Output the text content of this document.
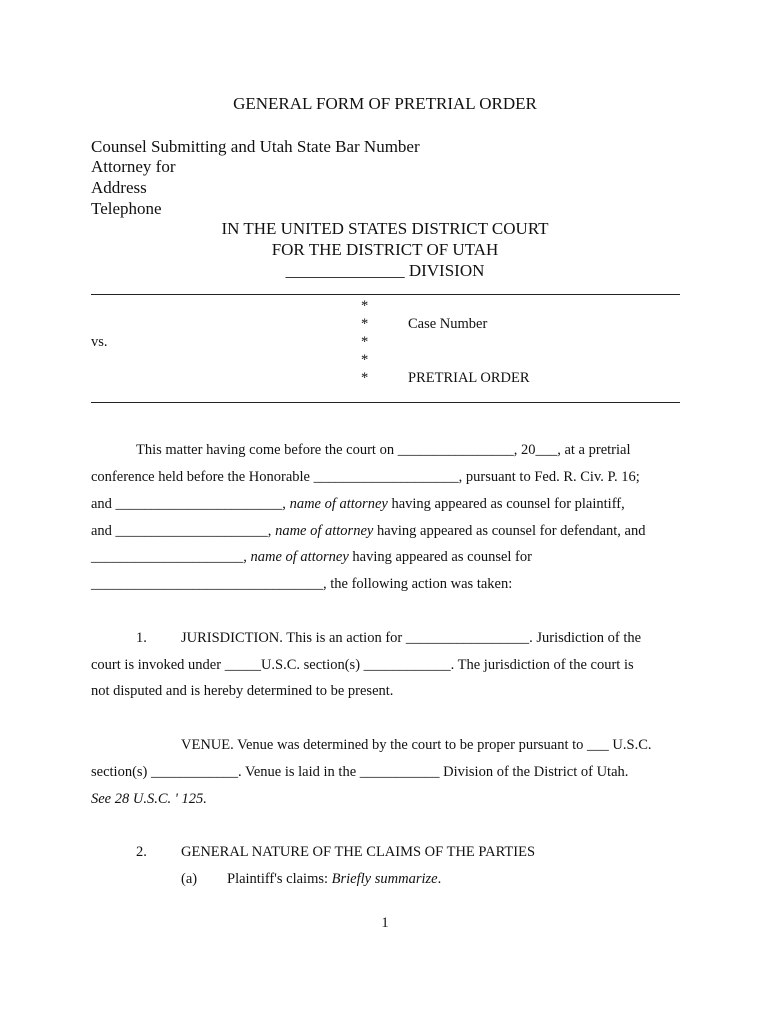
GENERAL FORM OF PRETRIAL ORDER
Counsel Submitting and Utah State Bar Number
Attorney for
Address
Telephone
IN THE UNITED STATES DISTRICT COURT
FOR THE DISTRICT OF UTAH
______________ DIVISION
*
*
*
*
*
Case Number
vs.
PRETRIAL ORDER
This matter having come before the court on ________________, 20___, at a pretrial
conference held before the Honorable ____________________, pursuant to Fed. R. Civ. P. 16;
and _______________________, name of attorney having appeared as counsel for plaintiff,
and _____________________, name of attorney having appeared as counsel for defendant, and
_____________________, name of attorney having appeared as counsel for
________________________________, the following action was taken:
1. JURISDICTION. This is an action for _________________. Jurisdiction of the
court is invoked under _____U.S.C. section(s) ____________. The jurisdiction of the court is
not disputed and is hereby determined to be present.
VENUE. Venue was determined by the court to be proper pursuant to ___ U.S.C.
section(s) ____________. Venue is laid in the ___________ Division of the District of Utah.
See 28 U.S.C. ' 125.
2. GENERAL NATURE OF THE CLAIMS OF THE PARTIES
(a) Plaintiff's claims: Briefly summarize.
1
